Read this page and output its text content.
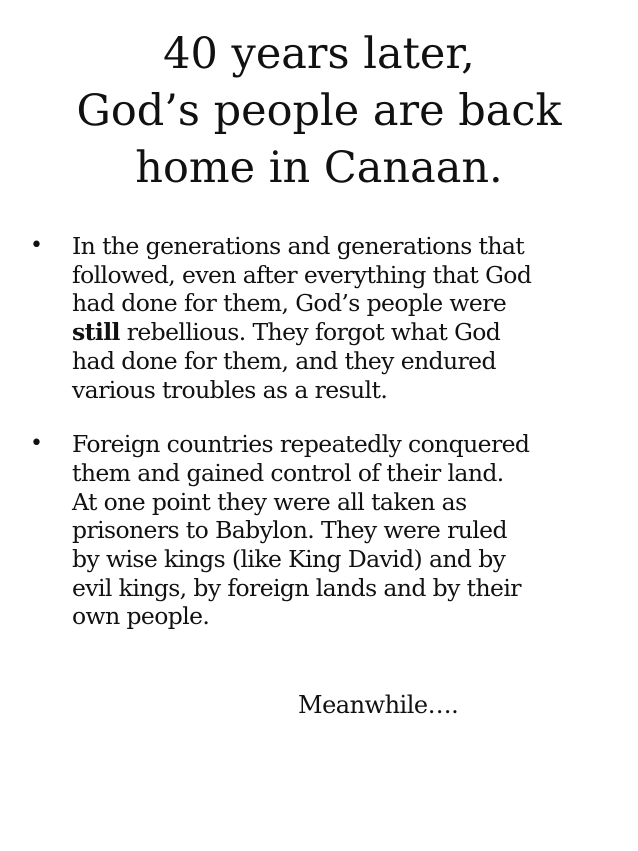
40 years later,
God’s people are back
home in Canaan.
•	In the generations and generations that
followed, even after everything that God
had done for them, God’s people were
still rebellious. They forgot what God
had done for them, and they endured
various troubles as a result.
•	Foreign countries repeatedly conquered
them and gained control of their land.
At one point they were all taken as
prisoners to Babylon. They were ruled
by wise kings (like King David) and by
evil kings, by foreign lands and by their
own people.
Meanwhile….
